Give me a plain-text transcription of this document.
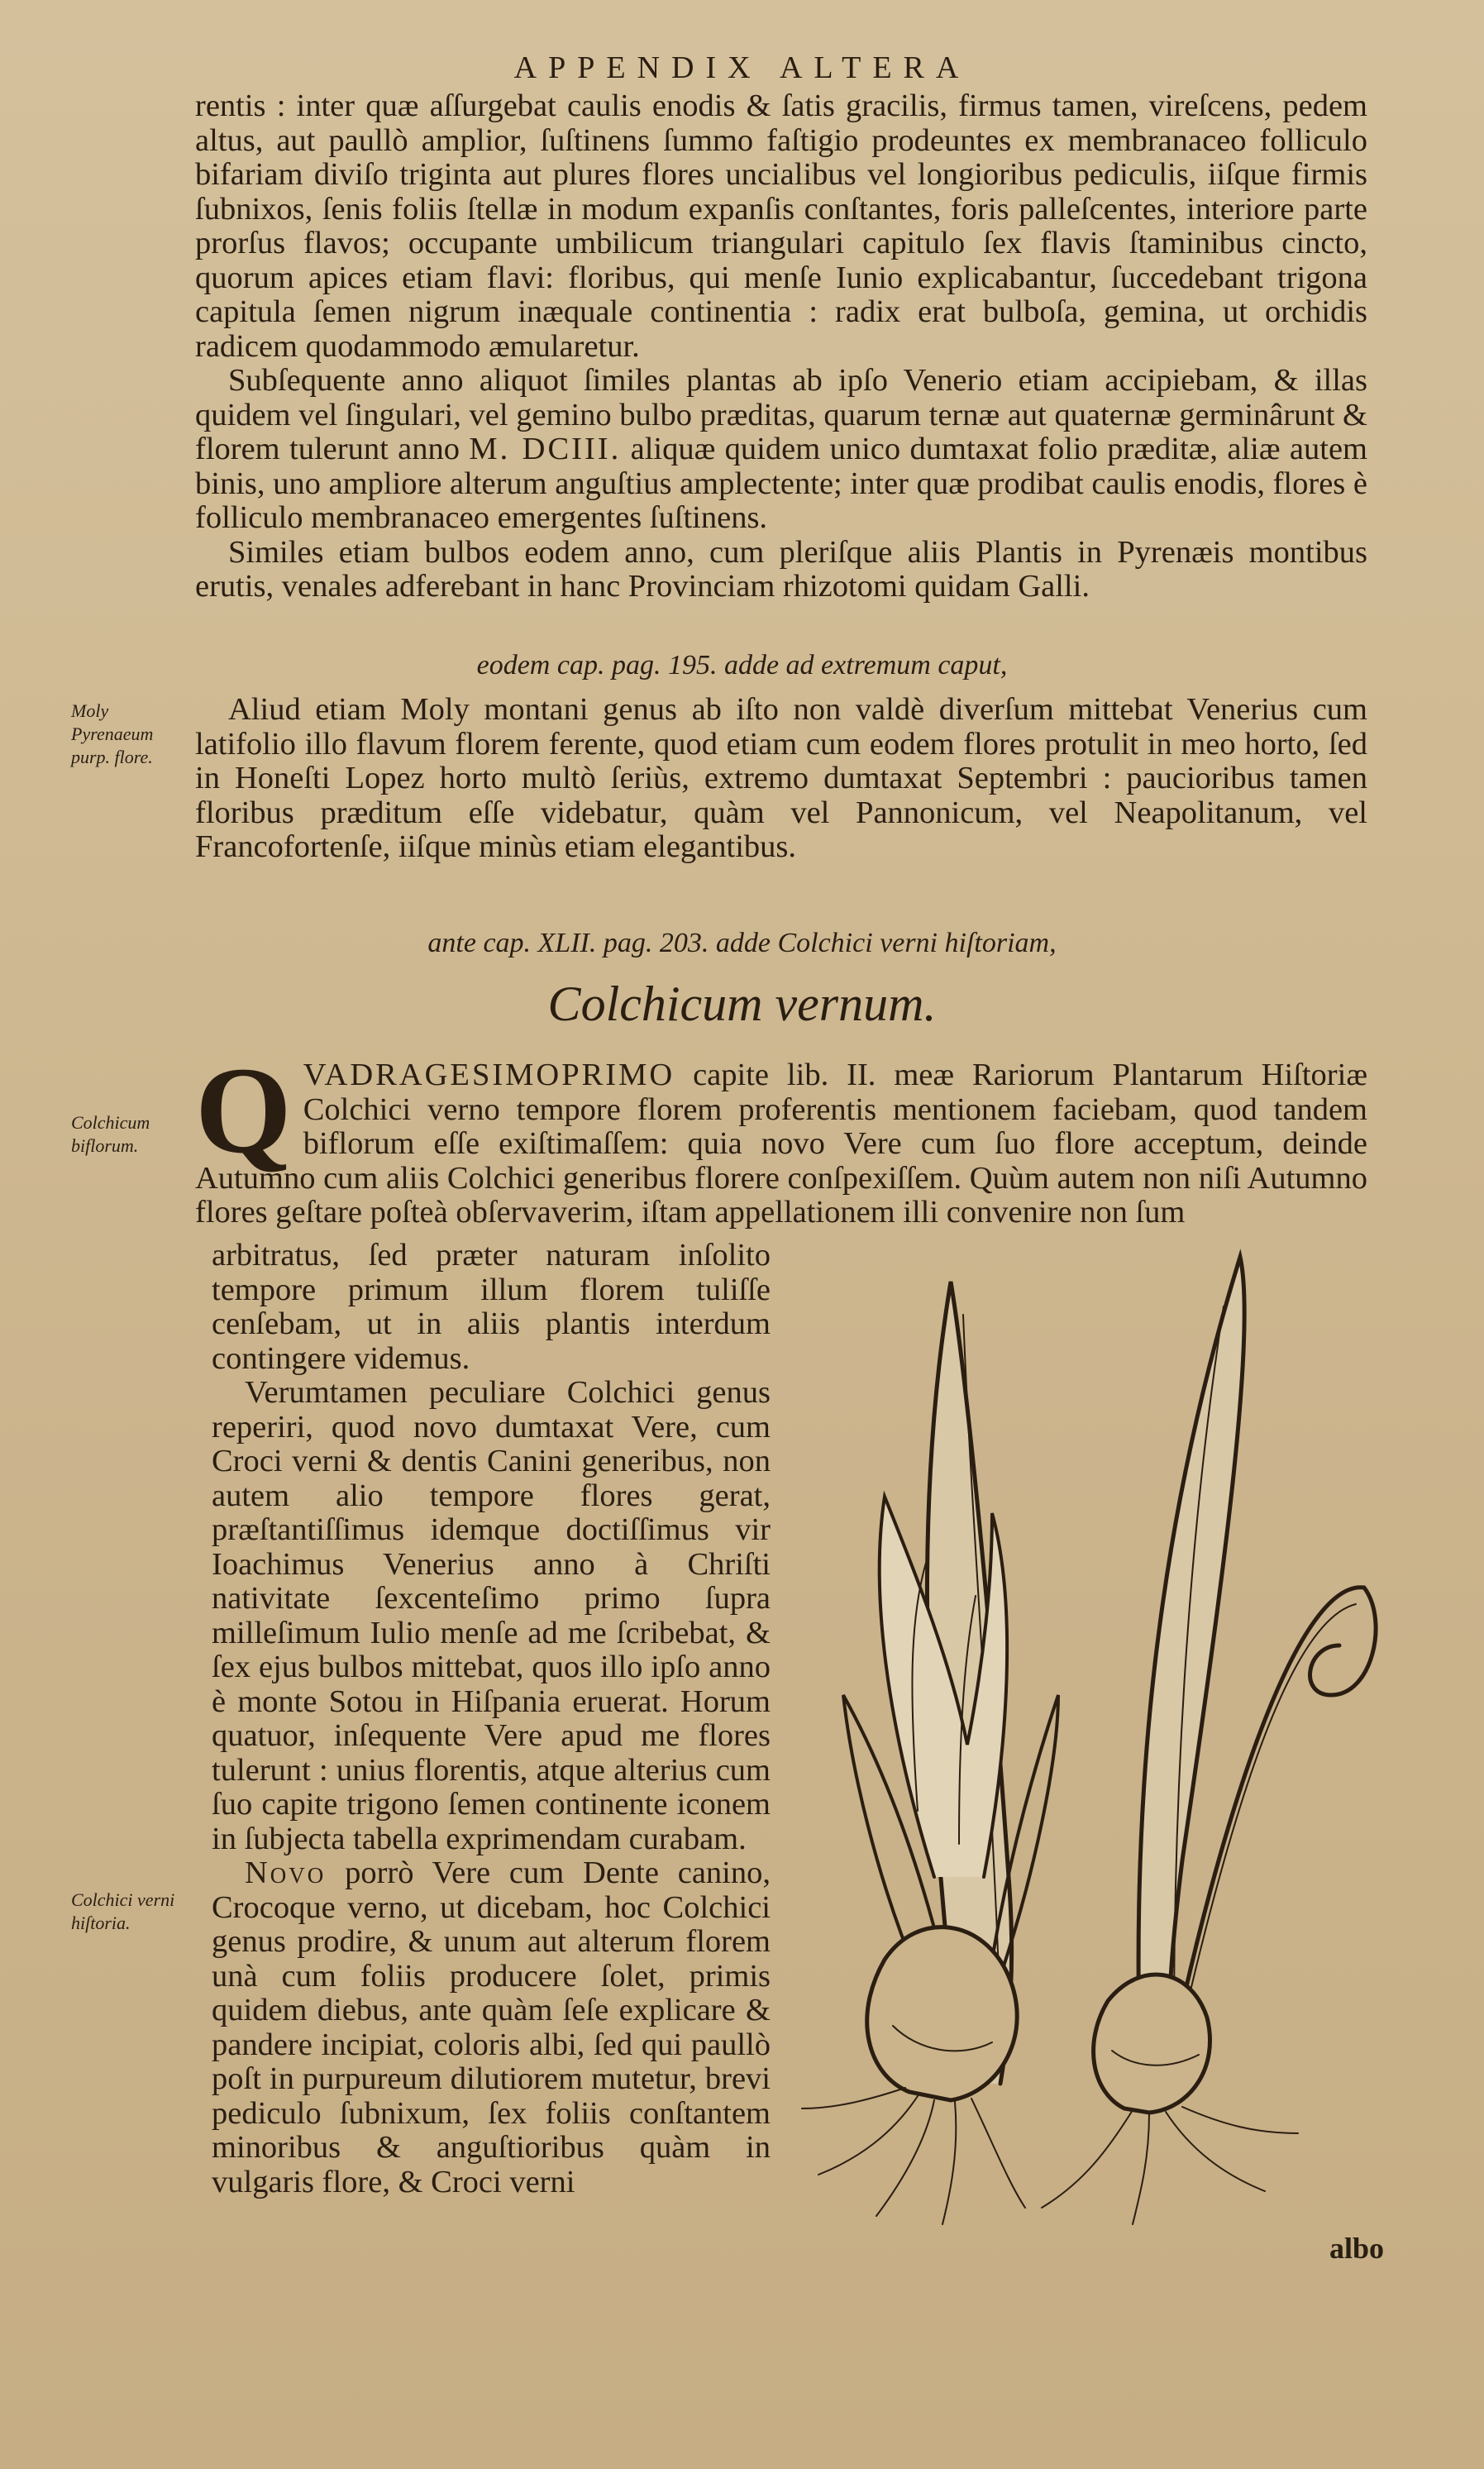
APPENDIX ALTERA

rentis : inter quæ aſſurgebat caulis enodis & ſatis gracilis, firmus tamen, vireſcens, pedem altus, aut paullò amplior, ſuſtinens ſummo faſtigio prodeuntes ex membranaceo folliculo bifariam diviſo triginta aut plures flores uncialibus vel longioribus pediculis, iiſque firmis ſubnixos, ſenis foliis ſtellæ in modum expanſis conſtantes, foris palleſcentes, interiore parte prorſus flavos; occupante umbilicum triangulari capitulo ſex flavis ſtaminibus cincto, quorum apices etiam flavi: floribus, qui menſe Iunio explicabantur, ſuccedebant trigona capitula ſemen nigrum inæquale continentia : radix erat bulboſa, gemina, ut orchidis radicem quodammodo æmularetur.

Subſequente anno aliquot ſimiles plantas ab ipſo Venerio etiam accipiebam, & illas quidem vel ſingulari, vel gemino bulbo præditas, quarum ternæ aut quaternæ germinârunt & florem tulerunt anno M. DCIII. aliquæ quidem unico dumtaxat folio præditæ, aliæ autem binis, uno ampliore alterum anguſtius amplectente; inter quæ prodibat caulis enodis, flores è folliculo membranaceo emergentes ſuſtinens.

Similes etiam bulbos eodem anno, cum pleriſque aliis Plantis in Pyrenæis montibus erutis, venales adferebant in hanc Provinciam rhizotomi quidam Galli.

eodem cap. pag. 195. adde ad extremum caput,
Moly Pyrenaeum purp. flore.

Aliud etiam Moly montani genus ab iſto non valdè diverſum mittebat Venerius cum latifolio illo flavum florem ferente, quod etiam cum eodem flores protulit in meo horto, ſed in Honeſti Lopez horto multò ſeriùs, extremo dumtaxat Septembri : paucioribus tamen floribus præditum eſſe videbatur, quàm vel Pannonicum, vel Neapolitanum, vel Francofortenſe, iiſque minùs etiam elegantibus.

ante cap. XLII. pag. 203. adde Colchici verni hiſtoriam,
Colchicum vernum.
Colchicum biflorum. Q VADRAGESIMOPRIMO capite lib. II. meæ Rariorum Plantarum Hiſtoriæ Colchici verno tempore florem proferentis mentionem faciebam, quod tandem biflorum eſſe exiſtimaſſem: quia novo Vere cum ſuo flore acceptum, deinde Autumno cum aliis Colchici generibus florere conſpexiſſem. Quùm autem non niſi Autumno flores geſtare poſteà obſervaverim, iſtam appellationem illi convenire non ſum

arbitratus, ſed præter naturam inſolito tempore primum illum florem tuliſſe cenſebam, ut in aliis plantis interdum contingere videmus.

Verumtamen peculiare Colchici genus reperiri, quod novo dumtaxat Vere, cum Croci verni & dentis Canini generibus, non autem alio tempore flores gerat, præſtantiſſimus idemque doctiſſimus vir Ioachimus Venerius anno à Chriſti nativitate ſexcenteſimo primo ſupra milleſimum Iulio menſe ad me ſcribebat, & ſex ejus bulbos mittebat, quos illo ipſo anno è monte Sotou in Hiſpania eruerat. Horum quatuor, inſequente Vere apud me flores tulerunt : unius florentis, atque alterius cum ſuo capite trigono ſemen continente iconem in ſubjecta tabella exprimendam curabam.

Novo porrò Vere cum Dente canino, Crocoque verno, ut dicebam, hoc Colchici genus prodire, & unum aut alterum florem unà cum foliis producere ſolet, primis quidem diebus, ante quàm ſeſe explicare & pandere incipiat, coloris albi, ſed qui paullò poſt in purpureum dilutiorem mutetur, brevi pediculo ſubnixum, ſex foliis conſtantem minoribus & anguſtioribus quàm in vulgaris flore, & Croci verni

Colchici verni hiſtoria.
albo
